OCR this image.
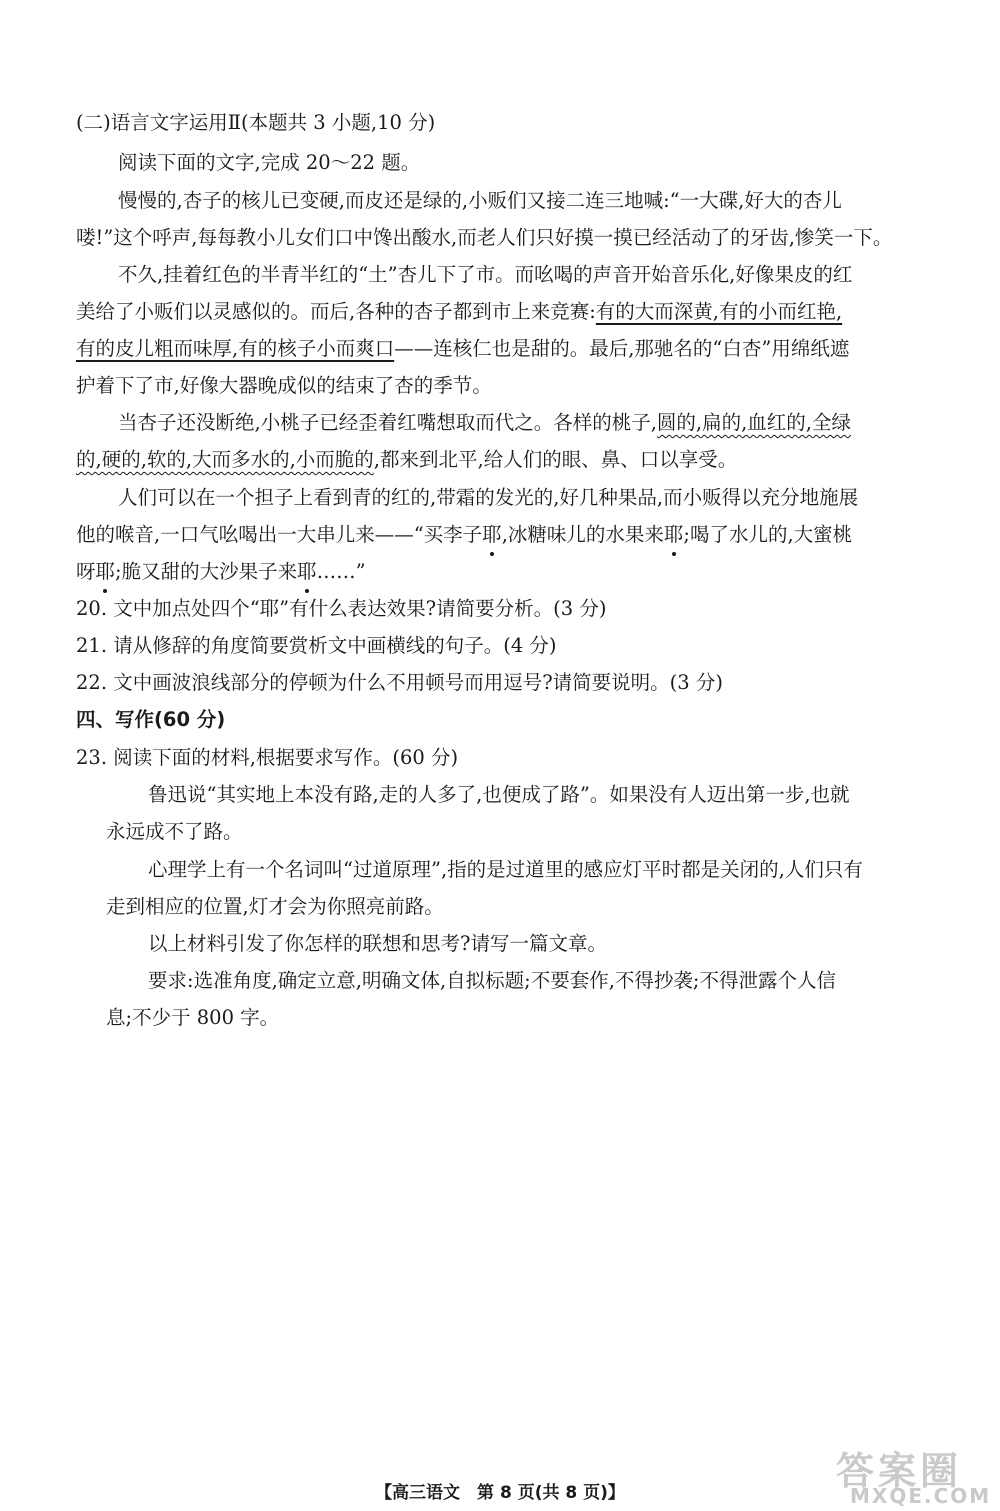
(二)语言文字运用Ⅱ(本题共 3 小题,10 分)
阅读下面的文字,完成 20～22 题。
慢慢的,杏子的核儿已变硬,而皮还是绿的,小贩们又接二连三地喊:“一大碟,好大的杏儿
喽!”这个呼声,每每教小儿女们口中馋出酸水,而老人们只好摸一摸已经活动了的牙齿,惨笑一下。
不久,挂着红色的半青半红的“土”杏儿下了市。而吆喝的声音开始音乐化,好像果皮的红
美给了小贩们以灵感似的。而后,各种的杏子都到市上来竞赛:有的大而深黄,有的小而红艳,
有的皮儿粗而味厚,有的核子小而爽口——连核仁也是甜的。最后,那驰名的“白杏”用绵纸遮
护着下了市,好像大器晚成似的结束了杏的季节。
当杏子还没断绝,小桃子已经歪着红嘴想取而代之。各样的桃子,圆的,扁的,血红的,全绿
的,硬的,软的,大而多水的,小而脆的,都来到北平,给人们的眼、鼻、口以享受。
人们可以在一个担子上看到青的红的,带霜的发光的,好几种果品,而小贩得以充分地施展
他的喉音,一口气吆喝出一大串儿来——“买李子耶,冰糖味儿的水果来耶;喝了水儿的,大蜜桃
呀耶;脆又甜的大沙果子来耶……”
20. 文中加点处四个“耶”有什么表达效果?请简要分析。(3 分)
21. 请从修辞的角度简要赏析文中画横线的句子。(4 分)
22. 文中画波浪线部分的停顿为什么不用顿号而用逗号?请简要说明。(3 分)
四、写作(60 分)
23. 阅读下面的材料,根据要求写作。(60 分)
鲁迅说“其实地上本没有路,走的人多了,也便成了路”。如果没有人迈出第一步,也就
永远成不了路。
心理学上有一个名词叫“过道原理”,指的是过道里的感应灯平时都是关闭的,人们只有
走到相应的位置,灯才会为你照亮前路。
以上材料引发了你怎样的联想和思考?请写一篇文章。
要求:选准角度,确定立意,明确文体,自拟标题;不要套作,不得抄袭;不得泄露个人信
息;不少于 800 字。
【高三语文　第 8 页(共 8 页)】	答案圈
MXQE.COM
